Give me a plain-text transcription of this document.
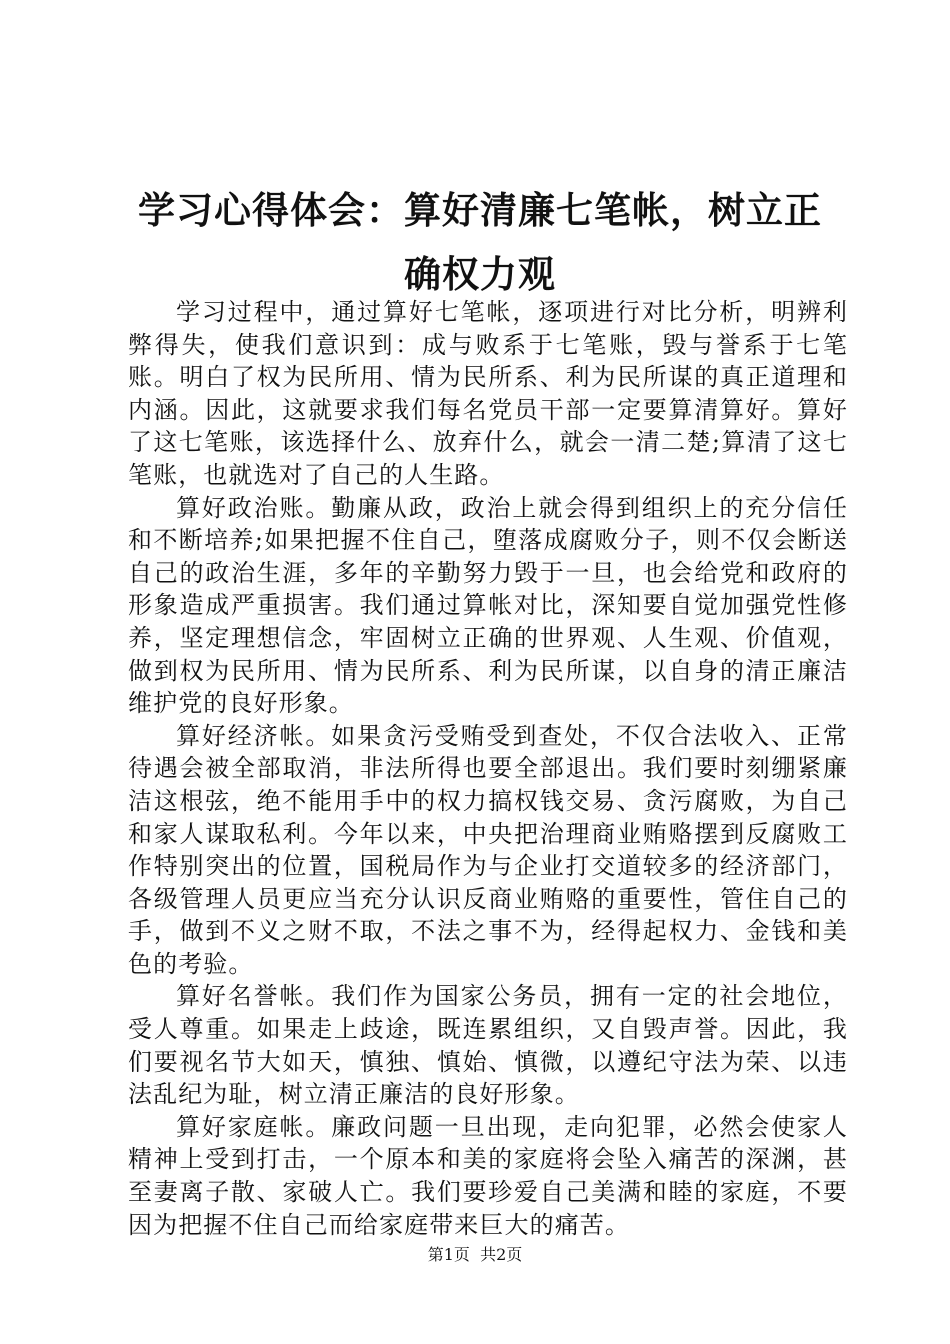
学习心得体会：算好清廉七笔帐，树立正确权力观

学习过程中，通过算好七笔帐，逐项进行对比分析，明辨利弊得失，使我们意识到：成与败系于七笔账，毁与誉系于七笔账。明白了权为民所用、情为民所系、利为民所谋的真正道理和内涵。因此，这就要求我们每名党员干部一定要算清算好。算好了这七笔账，该选择什么、放弃什么，就会一清二楚;算清了这七笔账，也就选对了自己的人生路。

算好政治账。勤廉从政，政治上就会得到组织上的充分信任和不断培养;如果把握不住自己，堕落成腐败分子，则不仅会断送自己的政治生涯，多年的辛勤努力毁于一旦，也会给党和政府的形象造成严重损害。我们通过算帐对比，深知要自觉加强党性修养，坚定理想信念，牢固树立正确的世界观、人生观、价值观，做到权为民所用、情为民所系、利为民所谋，以自身的清正廉洁维护党的良好形象。

算好经济帐。如果贪污受贿受到查处，不仅合法收入、正常待遇会被全部取消，非法所得也要全部退出。我们要时刻绷紧廉洁这根弦，绝不能用手中的权力搞权钱交易、贪污腐败，为自己和家人谋取私利。今年以来，中央把治理商业贿赂摆到反腐败工作特别突出的位置，国税局作为与企业打交道较多的经济部门，各级管理人员更应当充分认识反商业贿赂的重要性，管住自己的手，做到不义之财不取，不法之事不为，经得起权力、金钱和美色的考验。

算好名誉帐。我们作为国家公务员，拥有一定的社会地位，受人尊重。如果走上歧途，既连累组织，又自毁声誉。因此，我们要视名节大如天，慎独、慎始、慎微，以遵纪守法为荣、以违法乱纪为耻，树立清正廉洁的良好形象。

算好家庭帐。廉政问题一旦出现，走向犯罪，必然会使家人精神上受到打击，一个原本和美的家庭将会坠入痛苦的深渊，甚至妻离子散、家破人亡。我们要珍爱自己美满和睦的家庭，不要因为把握不住自己而给家庭带来巨大的痛苦。

第1页  共2页
